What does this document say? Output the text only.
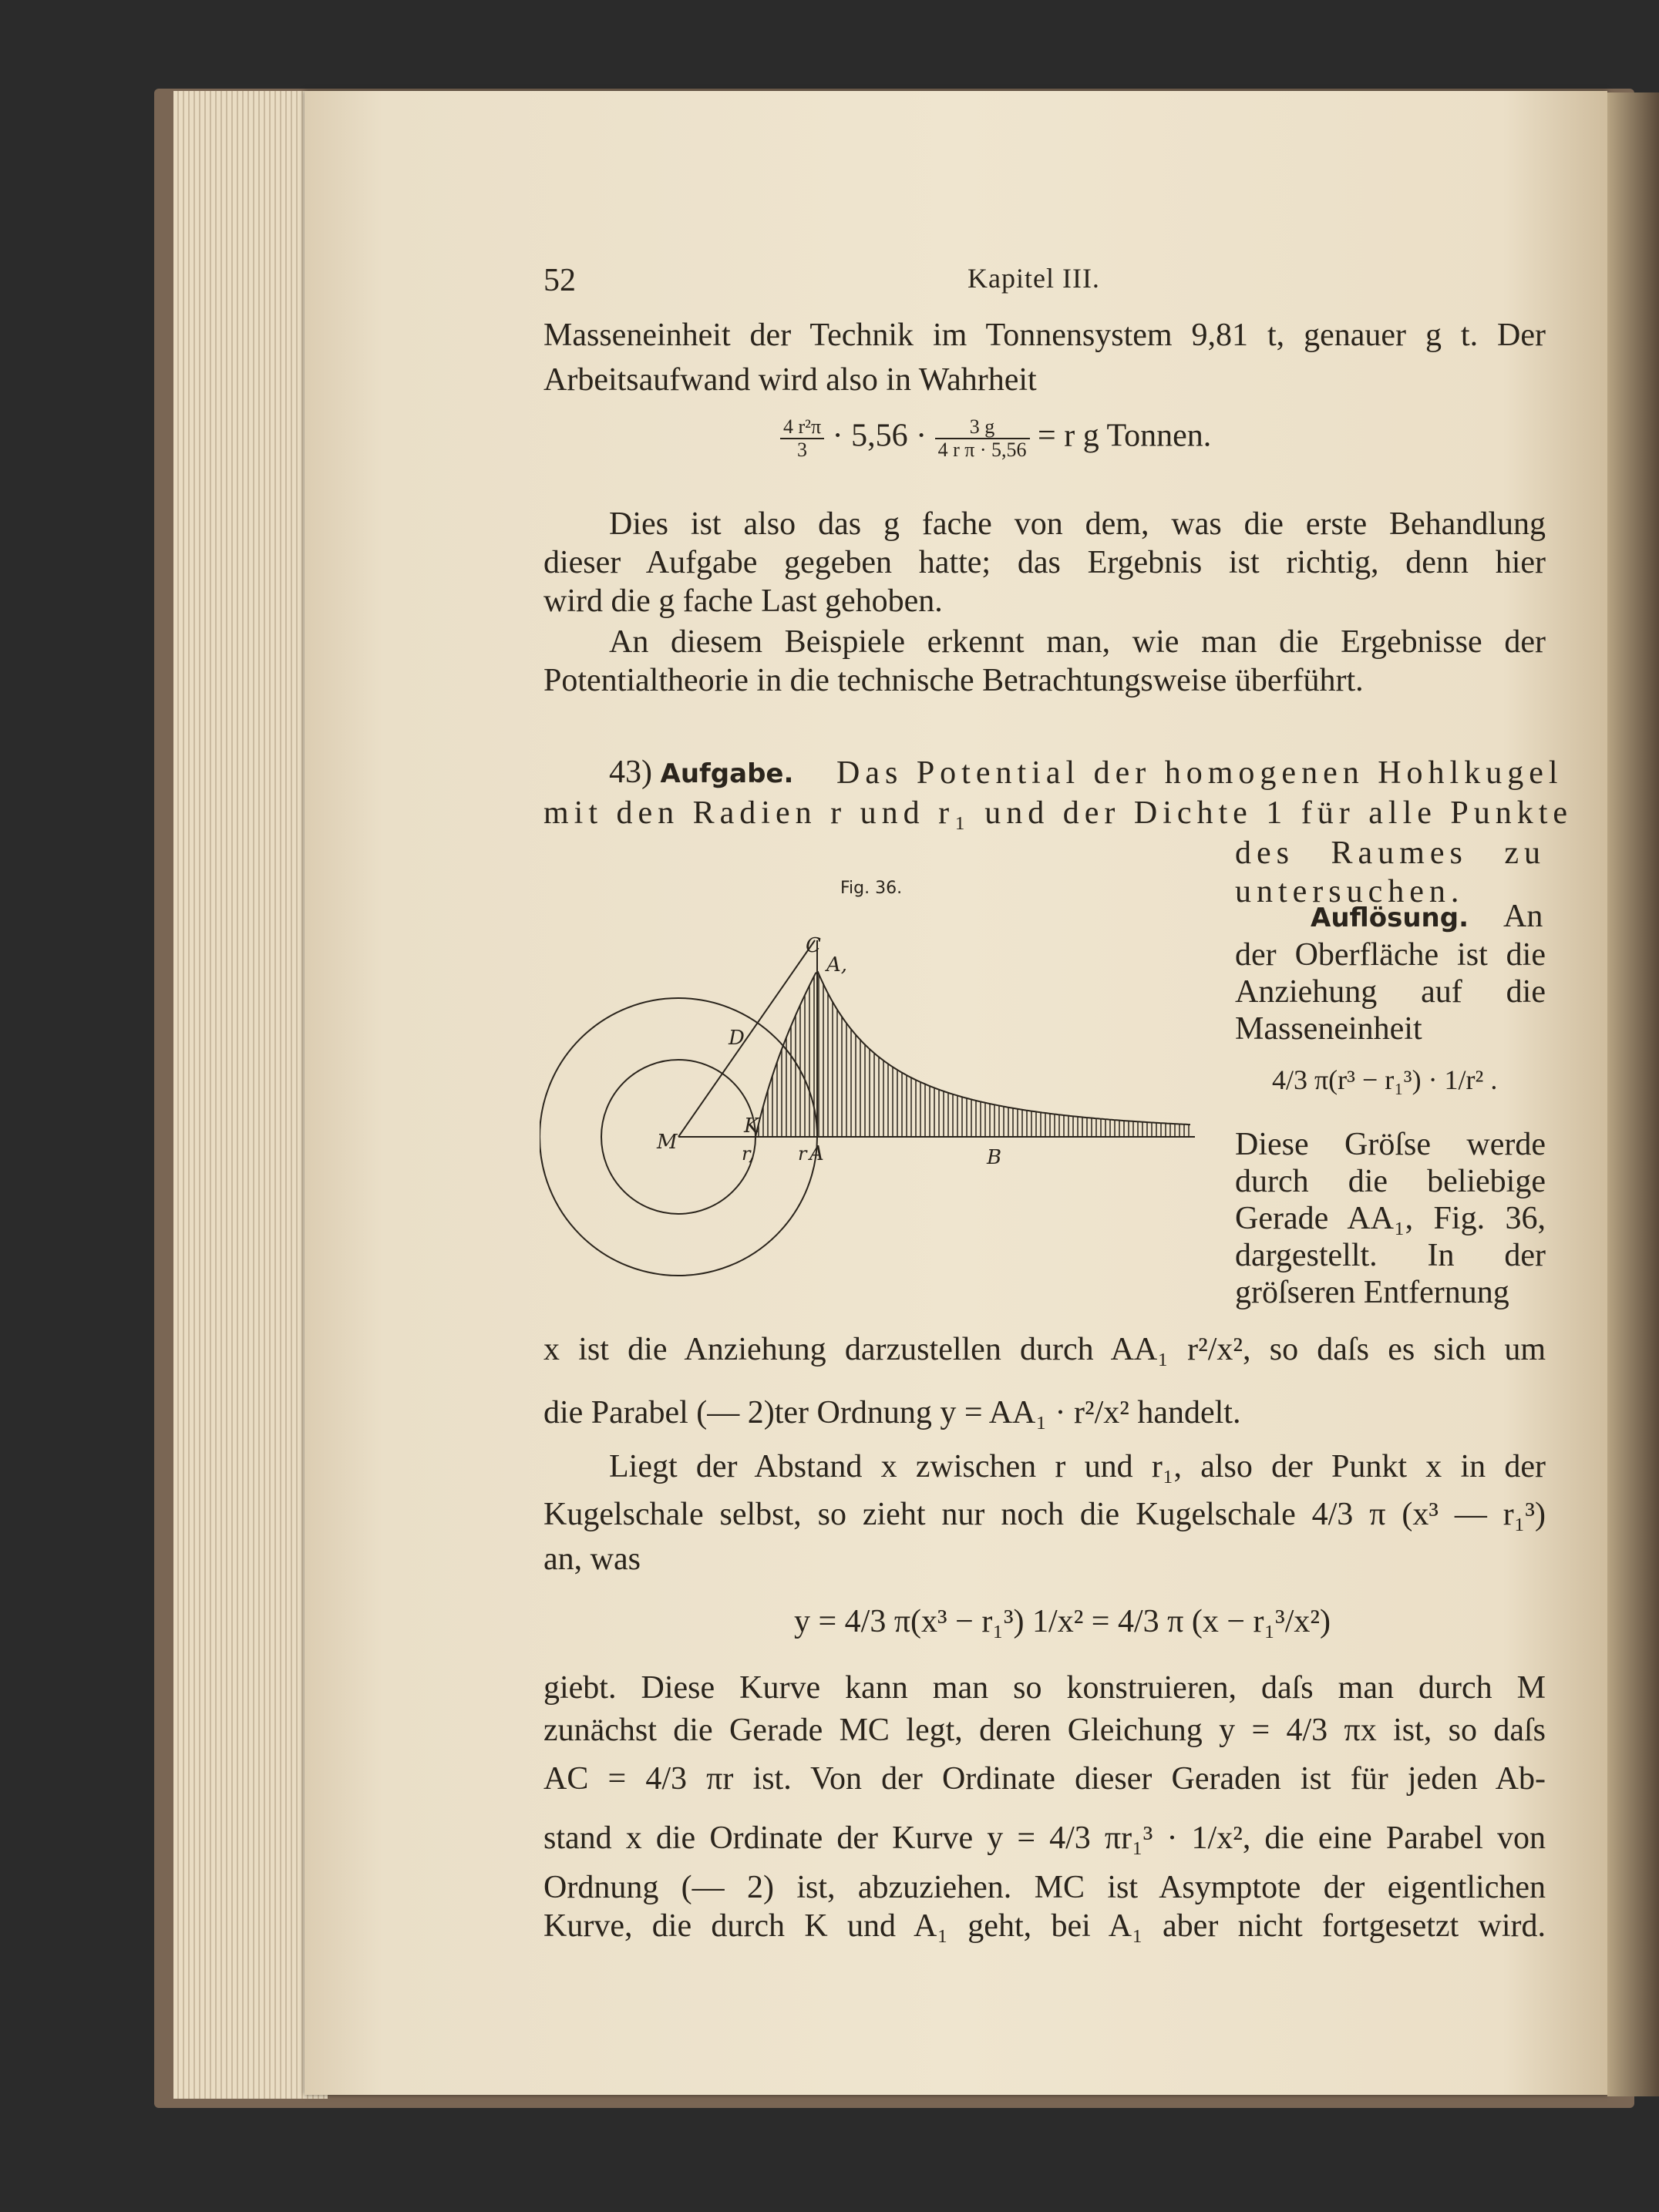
52	Kapitel III.
Masseneinheit der Technik im Tonnensystem 9,81 t, genauer g t. Der
Arbeitsaufwand wird also in Wahrheit
$\frac{\text{4 r²π}}{3} \cdot 5,56 \cdot \frac{3 g}{\text{4 r π · 5,56}} = r$ g Tonnen.
Dies ist also das g fache von dem, was die erste Behandlung
dieser Aufgabe gegeben hatte; das Ergebnis ist richtig, denn hier
wird die g fache Last gehoben.
An diesem Beispiele erkennt man, wie man die Ergebnisse der
Potentialtheorie in die technische Betrachtungsweise überführt.
43) Aufgabe. Das Potential der homogenen Hohlkugel
mit den Radien r und r₁ und der Dichte 1 für alle Punkte
des Raumes zu
untersuchen.
Fig. 36.
Auflösung. An
der Oberfläche ist die
Anziehung auf die
Masseneinheit
4/3 π(r³ − r₁³) · 1/r² .
Diese Gröſse werde
durch die beliebige
Gerade AA₁, Fig. 36,
dargestellt. In der
gröſseren Entfernung
x ist die Anziehung darzustellen durch AA₁ r²/x², so daſs es sich um
die Parabel (— 2)ter Ordnung y = AA₁ · r²/x² handelt.
Liegt der Abstand x zwischen r und r₁, also der Punkt x in der
Kugelschale selbst, so zieht nur noch die Kugelschale 4/3 π (x³ — r₁³)
an, was
y = 4/3 π(x³ − r₁³) 1/x² = 4/3 π (x − r₁³/x²)
giebt. Diese Kurve kann man so konstruieren, daſs man durch M
zunächst die Gerade MC legt, deren Gleichung y = 4/3 πx ist, so daſs
AC = 4/3 πr ist. Von der Ordinate dieser Geraden ist für jeden Ab-
stand x die Ordinate der Kurve y = 4/3 πr₁³ · 1/x², die eine Parabel von
Ordnung (— 2) ist, abzuziehen. MC ist Asymptote der eigentlichen
Kurve, die durch K und A₁ geht, bei A₁ aber nicht fortgesetzt wird.
C
A,
D
M
K
r, r A	B
